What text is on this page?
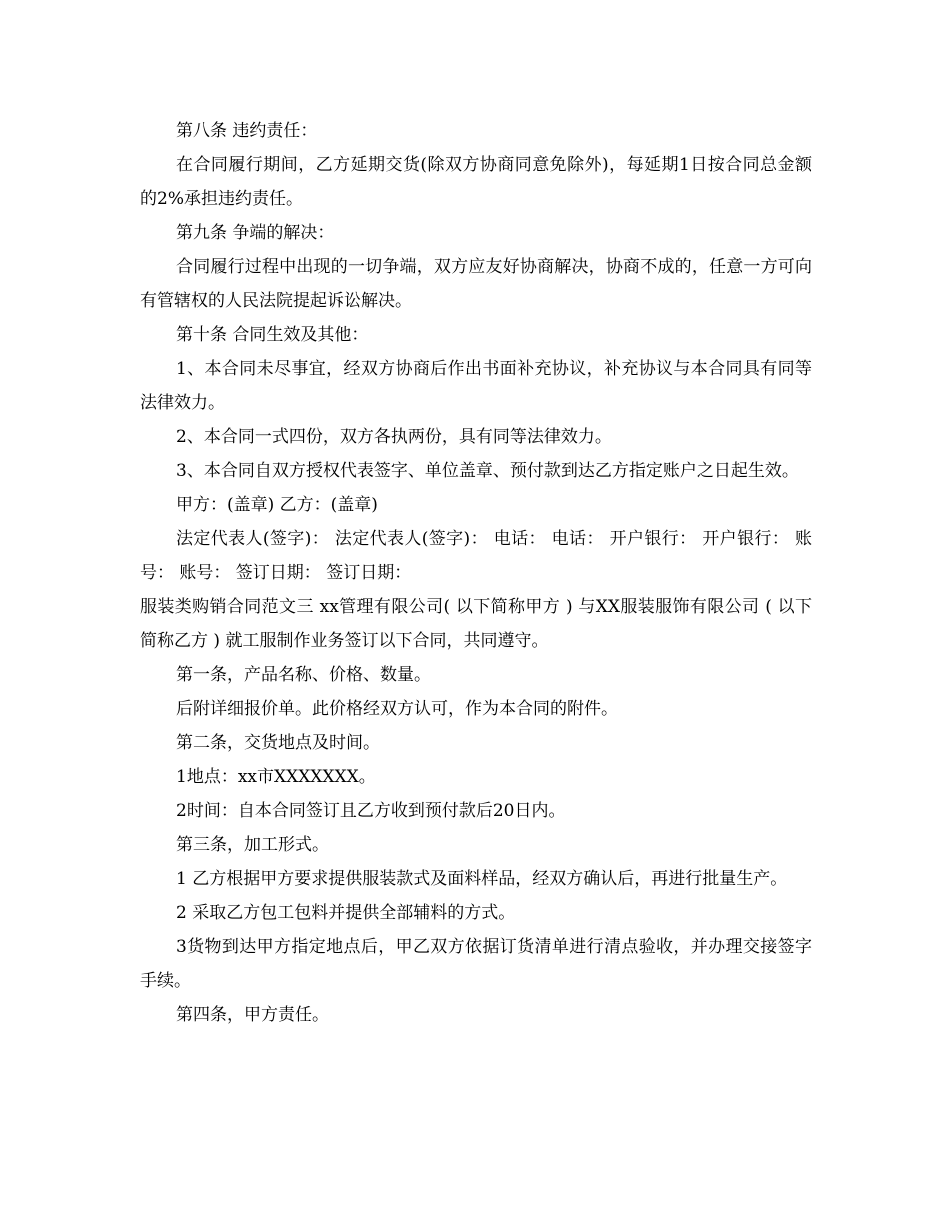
第八条 违约责任：

在合同履行期间，乙方延期交货(除双方协商同意免除外)，每延期1日按合同总金额的2%承担违约责任。

第九条 争端的解决：

合同履行过程中出现的一切争端，双方应友好协商解决，协商不成的，任意一方可向有管辖权的人民法院提起诉讼解决。

第十条 合同生效及其他：

1、本合同未尽事宜，经双方协商后作出书面补充协议，补充协议与本合同具有同等法律效力。

2、本合同一式四份，双方各执两份，具有同等法律效力。

3、本合同自双方授权代表签字、单位盖章、预付款到达乙方指定账户之日起生效。

甲方：(盖章) 乙方：(盖章)

法定代表人(签字)： 法定代表人(签字)： 电话： 电话： 开户银行： 开户银行： 账号： 账号： 签订日期： 签订日期：

服装类购销合同范文三 xx管理有限公司( 以下简称甲方 ) 与XX服装服饰有限公司 ( 以下简称乙方 ) 就工服制作业务签订以下合同，共同遵守。

第一条，产品名称、价格、数量。

后附详细报价单。此价格经双方认可，作为本合同的附件。

第二条，交货地点及时间。

1地点：xx市XXXXXXX。

2时间：自本合同签订且乙方收到预付款后20日内。

第三条，加工形式。

1 乙方根据甲方要求提供服装款式及面料样品，经双方确认后，再进行批量生产。

2 采取乙方包工包料并提供全部辅料的方式。

3货物到达甲方指定地点后，甲乙双方依据订货清单进行清点验收，并办理交接签字手续。

第四条，甲方责任。
